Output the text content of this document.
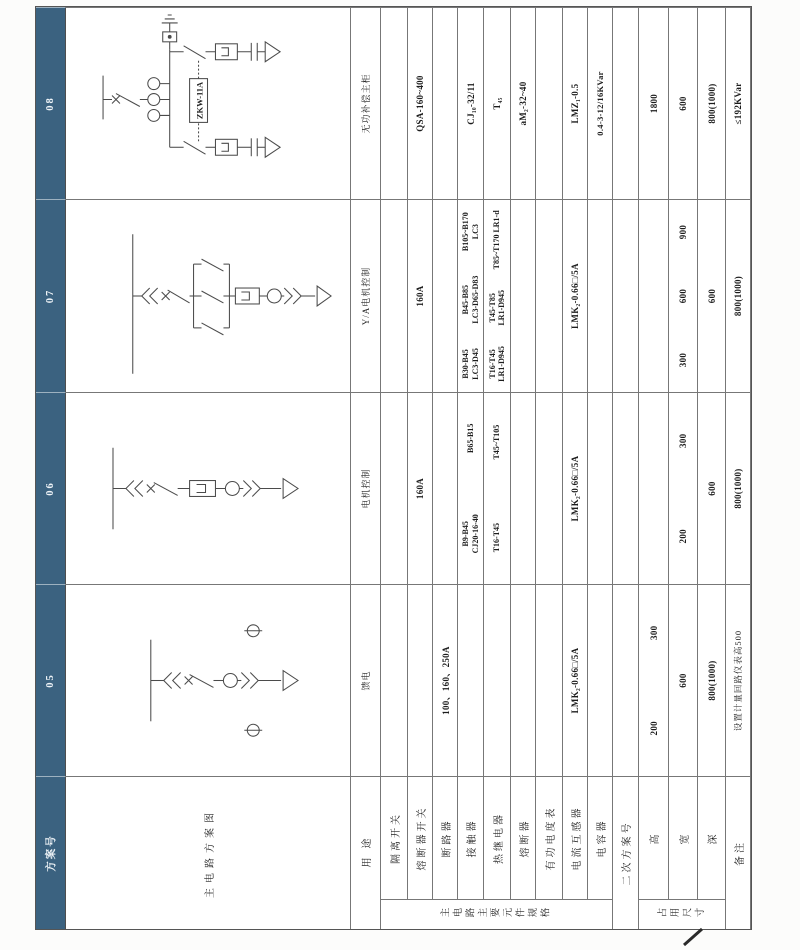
方案号
05
06
07
08
主电路方案图
ZKW-11A
用途
馈电
电机控制
Y/A电机控制
无功补偿主柜
主电路主要元件规格
隔离开关	熔断器开关
160A
160A
QSA-160~400
断路器
100、160、250A
接触器
B9-B45 CJ20-16-40
B65-B15
B30-B45 LC3-D45
B45-B85 LC3-D65-D83
B105~B170 LC3
CJ₁₀-32/11
热继电器
T16-T45
T45~T105
T16-T45 LR1-D945
T45-T85 LR1-D945
T85~T170 LR1-d
T₄₅
熔断器
aM₂-32~40
有功电度表	电流互感器
LMK₂-0.66□/5A
LMK₂-0.66□/5A
LMK₂-0.66□/5A
LMZ₁-0.5
电容器
0.4-3-12/16KVar
二次方案号
占用尺寸
高
200
300
1800
宽
600
200
300
300
600
900
600
深
800(1000)
600
600
800(1000)
备注
设置计量回路仪表高500
800(1000)
800(1000)
≤192KVar
